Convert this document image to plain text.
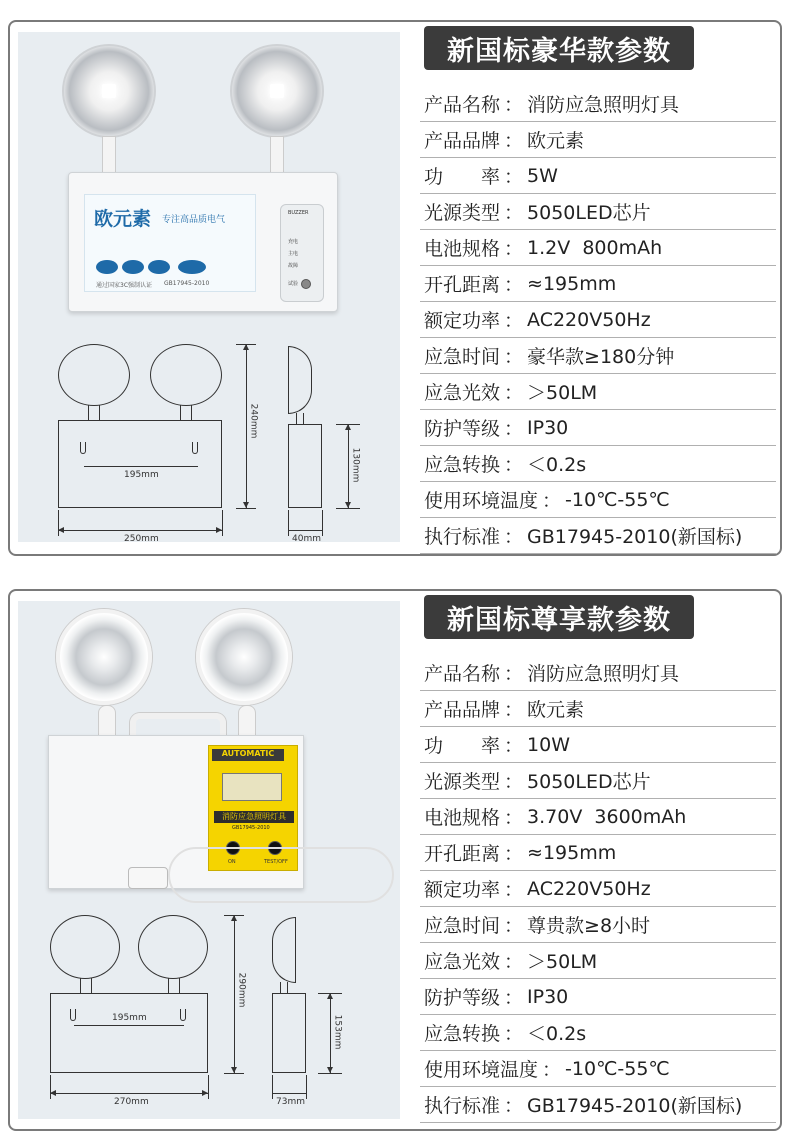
欧元素 专注高品质电气
通过国家3C强制认证 GB17945-2010
BUZZER
充电
主电
故障
试验
195mm
250mm
240mm
130mm
40mm
新国标豪华款参数
产品名称 ： 消防应急照明灯具
产品品牌 ： 欧元素
功　　率 ： 5W
光源类型 ： 5050LED芯片
电池规格 ： 1.2V  800mAh
开孔距离 ： ≈195mm
额定功率 ： AC220V50Hz
应急时间 ： 豪华款≥180分钟
应急光效 ： ＞50LM
防护等级 ： IP30
应急转换 ： ＜0.2s
使用环境温度 ： -10℃-55℃
执行标准 ： GB17945-2010(新国标)
AUTOMATIC
消防应急照明灯具
GB17945-2010
ON	TEST/OFF
195mm
270mm
290mm
153mm
73mm
新国标尊享款参数
产品名称 ： 消防应急照明灯具
产品品牌 ： 欧元素
功　　率 ： 10W
光源类型 ： 5050LED芯片
电池规格 ： 3.70V  3600mAh
开孔距离 ： ≈195mm
额定功率 ： AC220V50Hz
应急时间 ： 尊贵款≥8小时
应急光效 ： ＞50LM
防护等级 ： IP30
应急转换 ： ＜0.2s
使用环境温度 ： -10℃-55℃
执行标准 ： GB17945-2010(新国标)
